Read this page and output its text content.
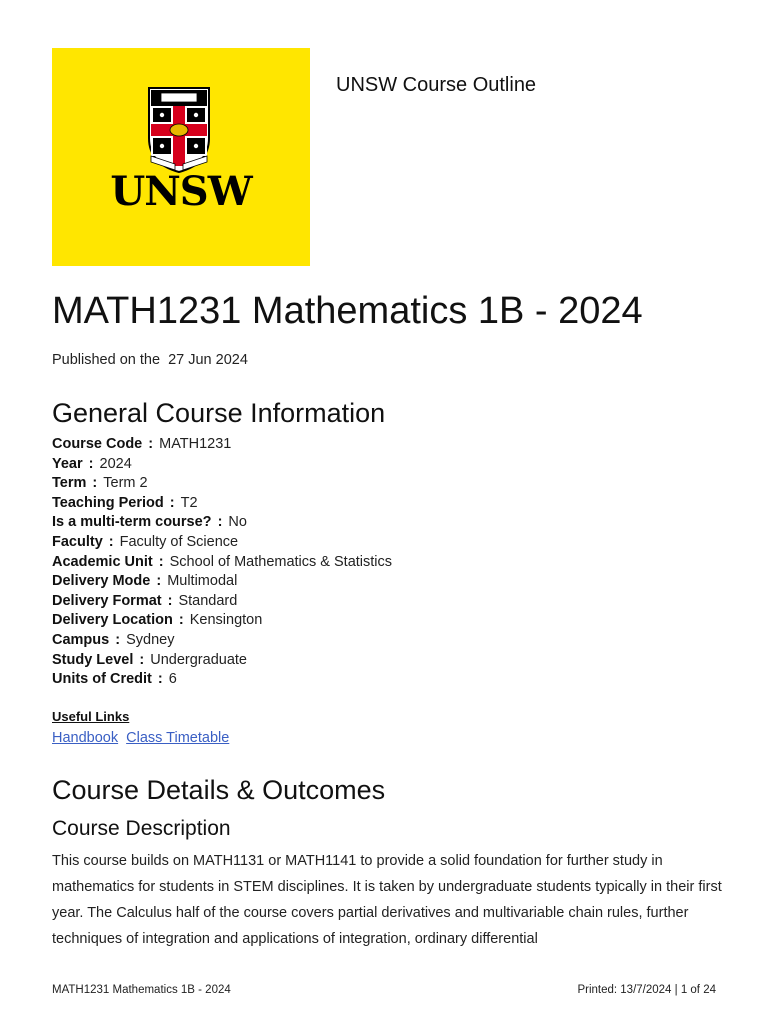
UNSW
UNSW Course Outline
MATH1231 Mathematics 1B - 2024
Published on the 27 Jun 2024
General Course Information
Course Code : MATH1231
Year : 2024
Term : Term 2
Teaching Period : T2
Is a multi-term course? : No
Faculty : Faculty of Science
Academic Unit : School of Mathematics & Statistics
Delivery Mode : Multimodal
Delivery Format : Standard
Delivery Location : Kensington
Campus : Sydney
Study Level : Undergraduate
Units of Credit : 6
Useful Links
Handbook Class Timetable
Course Details & Outcomes
Course Description

This course builds on MATH1131 or MATH1141 to provide a solid foundation for further study in mathematics for students in STEM disciplines. It is taken by undergraduate students typically in their first year. The Calculus half of the course covers partial derivatives and multivariable chain rules, further techniques of integration and applications of integration, ordinary differential

MATH1231 Mathematics 1B - 2024	Printed: 13/7/2024 | 1 of 24
